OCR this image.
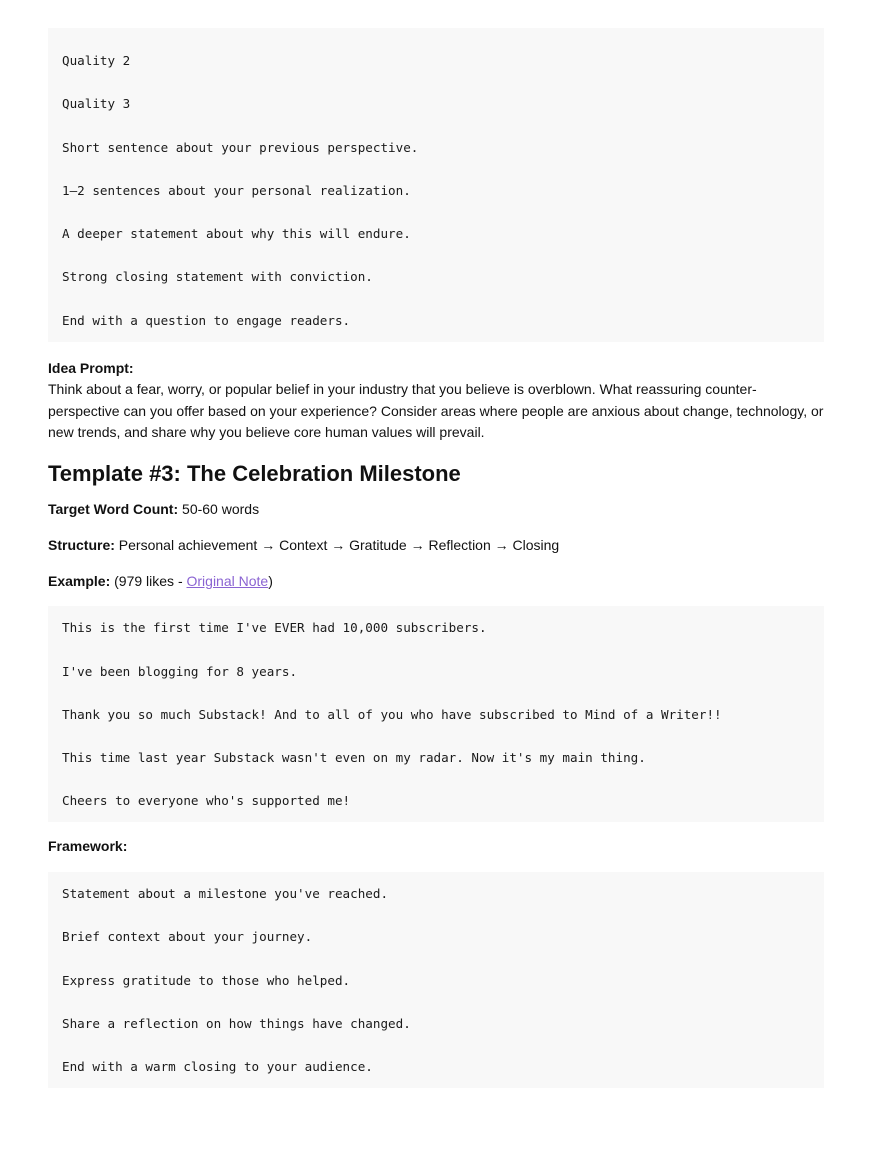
Quality 2
Quality 3
Short sentence about your previous perspective.
1–2 sentences about your personal realization.
A deeper statement about why this will endure.
Strong closing statement with conviction.
End with a question to engage readers.
Idea Prompt:
Think about a fear, worry, or popular belief in your industry that you believe is overblown. What reassuring counter-perspective can you offer based on your experience? Consider areas where people are anxious about change, technology, or new trends, and share why you believe core human values will prevail.
Template #3: The Celebration Milestone
Target Word Count: 50-60 words
Structure: Personal achievement → Context → Gratitude → Reflection → Closing
Example: (979 likes - Original Note)
This is the first time I've EVER had 10,000 subscribers.
I've been blogging for 8 years.
Thank you so much Substack! And to all of you who have subscribed to Mind of a Writer!!
This time last year Substack wasn't even on my radar. Now it's my main thing.
Cheers to everyone who's supported me!
Framework:
Statement about a milestone you've reached.
Brief context about your journey.
Express gratitude to those who helped.
Share a reflection on how things have changed.
End with a warm closing to your audience.
